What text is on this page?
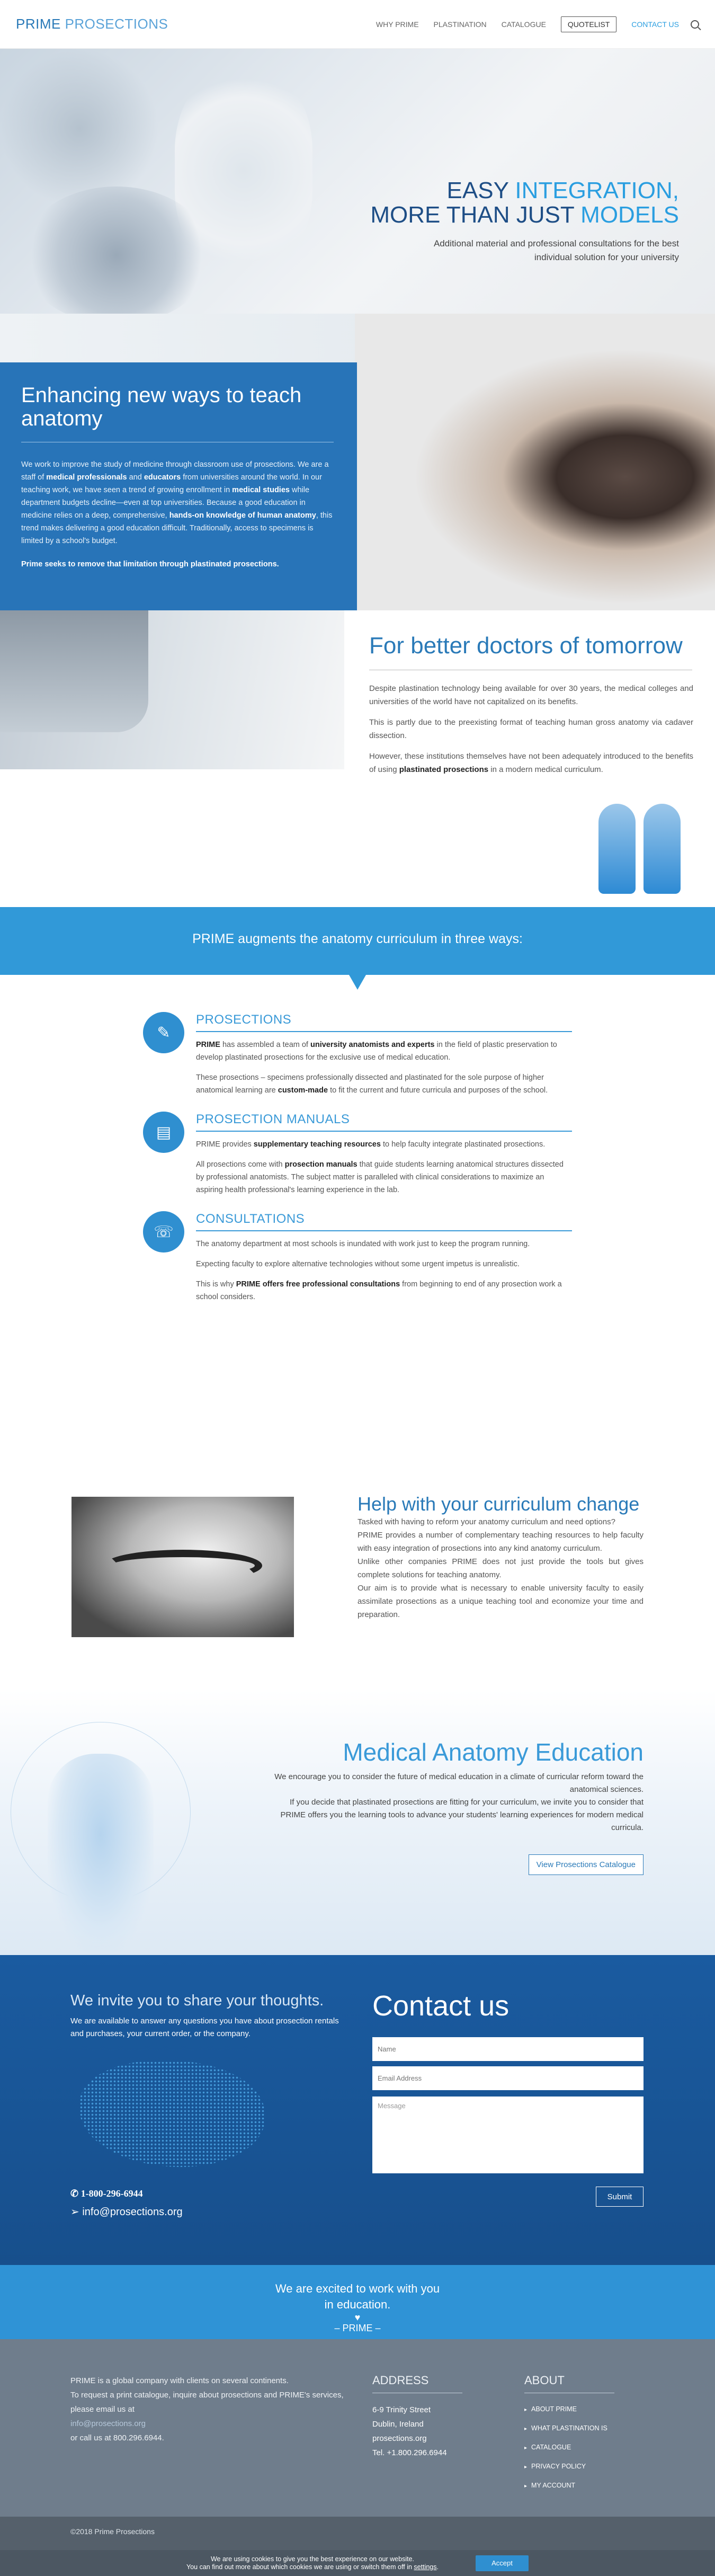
PRIME PROSECTIONS	WHY PRIME PLASTINATION CATALOGUE	QUOTELIST	CONTACT US
EASY INTEGRATION,
MORE THAN JUST MODELS

Additional material and professional consultations for the best individual solution for your university

Enhancing new ways to teach anatomy

We work to improve the study of medicine through classroom use of prosections. We are a staff of medical professionals and educators from universities around the world. In our teaching work, we have seen a trend of growing enrollment in medical studies while department budgets decline—even at top universities. Because a good education in medicine relies on a deep, comprehensive, hands-on knowledge of human anatomy, this trend makes delivering a good education difficult. Traditionally, access to specimens is limited by a school's budget.

Prime seeks to remove that limitation through plastinated prosections.

For better doctors of tomorrow

Despite plastination technology being available for over 30 years, the medical colleges and universities of the world have not capitalized on its benefits.

This is partly due to the preexisting format of teaching human gross anatomy via cadaver dissection.

However, these institutions themselves have not been adequately introduced to the benefits of using plastinated prosections in a modern medical curriculum.

PRIME augments the anatomy curriculum in three ways:
✎
PROSECTIONS

PRIME has assembled a team of university anatomists and experts in the field of plastic preservation to develop plastinated prosections for the exclusive use of medical education.

These prosections – specimens professionally dissected and plastinated for the sole purpose of higher anatomical learning are custom-made to fit the current and future curricula and purposes of the school.

▤
PROSECTION MANUALS

PRIME provides supplementary teaching resources to help faculty integrate plastinated prosections.

All prosections come with prosection manuals that guide students learning anatomical structures dissected by professional anatomists. The subject matter is paralleled with clinical considerations to maximize an aspiring health professional's learning experience in the lab.

☏
CONSULTATIONS

The anatomy department at most schools is inundated with work just to keep the program running.

Expecting faculty to explore alternative technologies without some urgent impetus is unrealistic.

This is why PRIME offers free professional consultations from beginning to end of any prosection work a school considers.

Help with your curriculum change

Tasked with having to reform your anatomy curriculum and need options?

PRIME provides a number of complementary teaching resources to help faculty with easy integration of prosections into any kind anatomy curriculum.

Unlike other companies PRIME does not just provide the tools but gives complete solutions for teaching anatomy.

Our aim is to provide what is necessary to enable university faculty to easily assimilate prosections as a unique teaching tool and economize your time and preparation.

Medical Anatomy Education

We encourage you to consider the future of medical education in a climate of curricular reform toward the anatomical sciences.

If you decide that plastinated prosections are fitting for your curriculum, we invite you to consider that PRIME offers you the learning tools to advance your students' learning experiences for modern medical curricula.

View Prosections Catalogue
We invite you to share your thoughts.

We are available to answer any questions you have about prosection rentals and purchases, your current order, or the company.

✆ 1-800-296-6944
➢ info@prosections.org
Contact us
Name
Email Address
Message
Submit
We are excited to work with you
in education.
♥
– PRIME –
PRIME is a global company with clients on several continents.
To request a print catalogue, inquire about prosections and PRIME's services, please email us at
info@prosections.org
or call us at 800.296.6944.
ADDRESS
6-9 Trinity Street
Dublin, Ireland
prosections.org
Tel. +1.800.296.6944
ABOUT
▸ ABOUT PRIME
▸ WHAT PLASTINATION IS
▸ CATALOGUE
▸ PRIVACY POLICY
▸ MY ACCOUNT
©2018 Prime Prosections
We are using cookies to give you the best experience on our website.
You can find out more about which cookies we are using or switch them off in settings.	Accept
